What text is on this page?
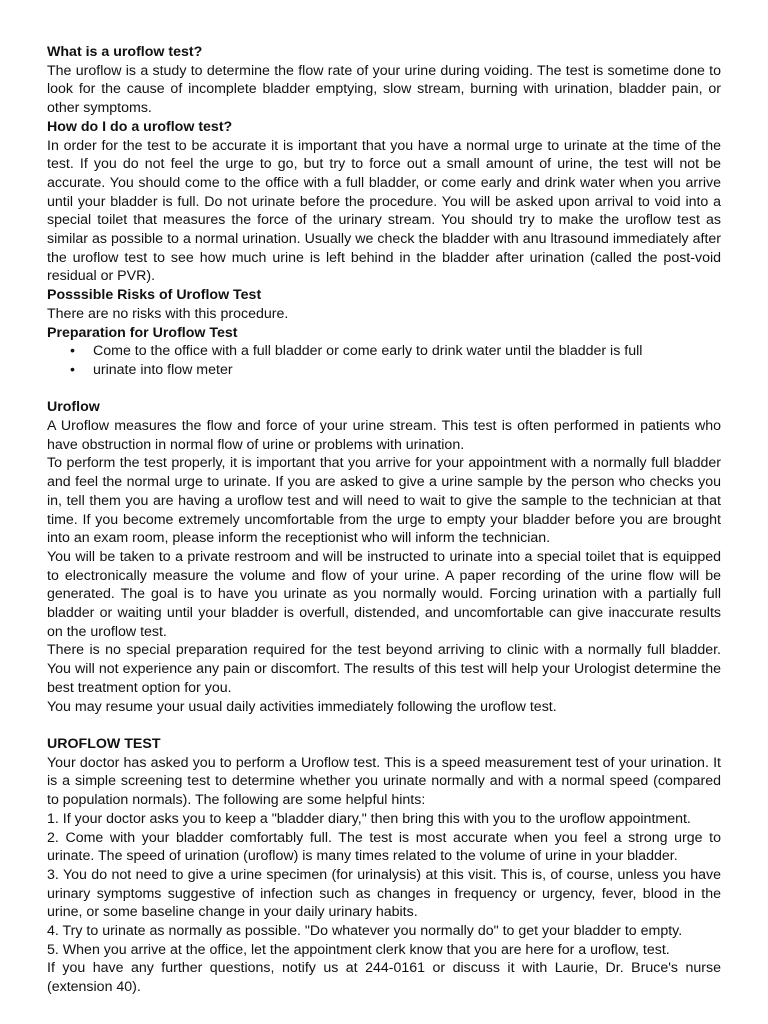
What is a uroflow test?

The uroflow is a study to determine the flow rate of your urine during voiding. The test is sometime done to look for the cause of incomplete bladder emptying, slow stream, burning with urination, bladder pain, or other symptoms.

How do I do a uroflow test?

In order for the test to be accurate it is important that you have a normal urge to urinate at the time of the test. If you do not feel the urge to go, but try to force out a small amount of urine, the test will not be accurate. You should come to the office with a full bladder, or come early and drink water when you arrive until your bladder is full. Do not urinate before the procedure. You will be asked upon arrival to void into a special toilet that measures the force of the urinary stream. You should try to make the uroflow test as similar as possible to a normal urination. Usually we check the bladder with anu ltrasound immediately after the uroflow test to see how much urine is left behind in the bladder after urination (called the post-void residual or PVR).

Posssible Risks of Uroflow Test

There are no risks with this procedure.

Preparation for Uroflow Test
• Come to the office with a full bladder or come early to drink water until the bladder is full
• urinate into flow meter
Uroflow

A Uroflow measures the flow and force of your urine stream. This test is often performed in patients who have obstruction in normal flow of urine or problems with urination.

To perform the test properly, it is important that you arrive for your appointment with a normally full bladder and feel the normal urge to urinate. If you are asked to give a urine sample by the person who checks you in, tell them you are having a uroflow test and will need to wait to give the sample to the technician at that time. If you become extremely uncomfortable from the urge to empty your bladder before you are brought into an exam room, please inform the receptionist who will inform the technician.

You will be taken to a private restroom and will be instructed to urinate into a special toilet that is equipped to electronically measure the volume and flow of your urine. A paper recording of the urine flow will be generated. The goal is to have you urinate as you normally would. Forcing urination with a partially full bladder or waiting until your bladder is overfull, distended, and uncomfortable can give inaccurate results on the uroflow test.

There is no special preparation required for the test beyond arriving to clinic with a normally full bladder. You will not experience any pain or discomfort. The results of this test will help your Urologist determine the best treatment option for you.

You may resume your usual daily activities immediately following the uroflow test.

UROFLOW TEST

Your doctor has asked you to perform a Uroflow test. This is a speed measurement test of your urination. It is a simple screening test to determine whether you urinate normally and with a normal speed (compared to population normals). The following are some helpful hints:

1. If your doctor asks you to keep a "bladder diary," then bring this with you to the uroflow appointment.

2. Come with your bladder comfortably full. The test is most accurate when you feel a strong urge to urinate. The speed of urination (uroflow) is many times related to the volume of urine in your bladder.

3. You do not need to give a urine specimen (for urinalysis) at this visit. This is, of course, unless you have urinary symptoms suggestive of infection such as changes in frequency or urgency, fever, blood in the urine, or some baseline change in your daily urinary habits.

4. Try to urinate as normally as possible. "Do whatever you normally do" to get your bladder to empty.

5. When you arrive at the office, let the appointment clerk know that you are here for a uroflow, test.

If you have any further questions, notify us at 244-0161 or discuss it with Laurie, Dr. Bruce's nurse (extension 40).
